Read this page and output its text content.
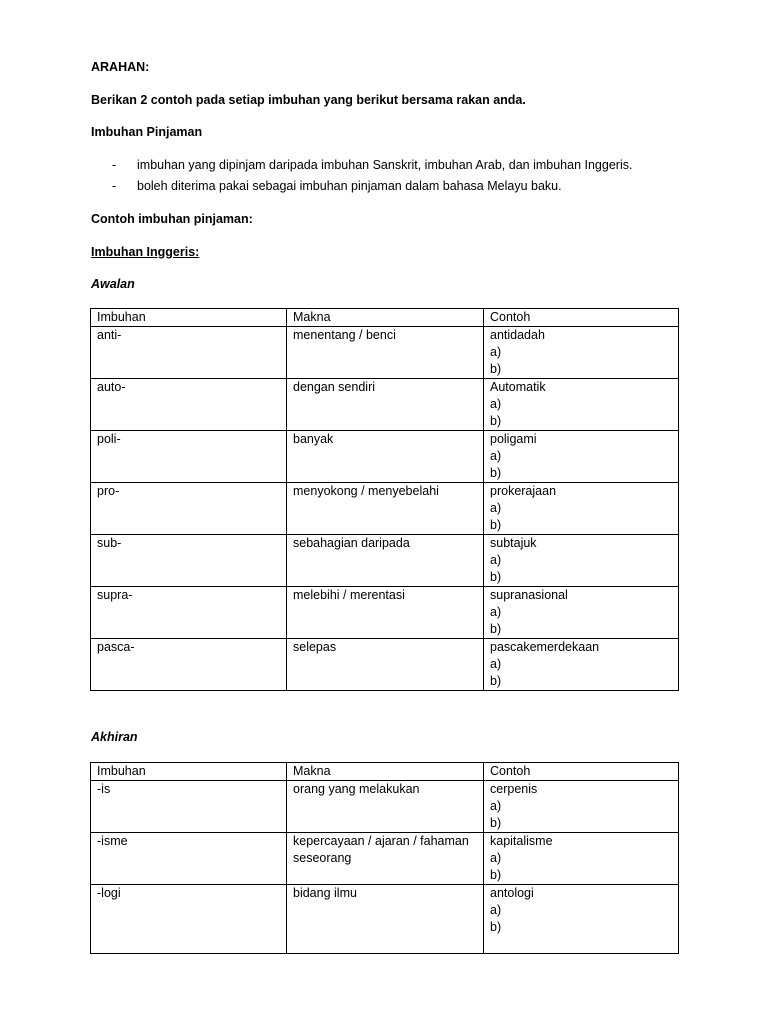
ARAHAN:
Berikan 2 contoh pada setiap imbuhan yang berikut bersama rakan anda.
Imbuhan Pinjaman
- imbuhan yang dipinjam daripada imbuhan Sanskrit, imbuhan Arab, dan imbuhan Inggeris.
- boleh diterima pakai sebagai imbuhan pinjaman dalam bahasa Melayu baku.
Contoh imbuhan pinjaman:
Imbuhan Inggeris:
Awalan
Imbuhan	Makna	Contoh
anti-	menentang / benci	antidadah
a)
b)

auto-	dengan sendiri	Automatik
a)
b)

poli-	banyak	poligami
a)
b)

pro-	menyokong / menyebelahi	prokerajaan
a)
b)

sub-	sebahagian daripada	subtajuk
a)
b)

supra-	melebihi / merentasi	supranasional
a)
b)

pasca-	selepas	pascakemerdekaan
a)
b)
Akhiran
Imbuhan	Makna	Contoh
-is	orang yang melakukan	cerpenis
a)
b)

-isme	kepercayaan / ajaran / fahaman seseorang	kapitalisme
a)
b)

-logi	bidang ilmu	antologi
a)
b)
